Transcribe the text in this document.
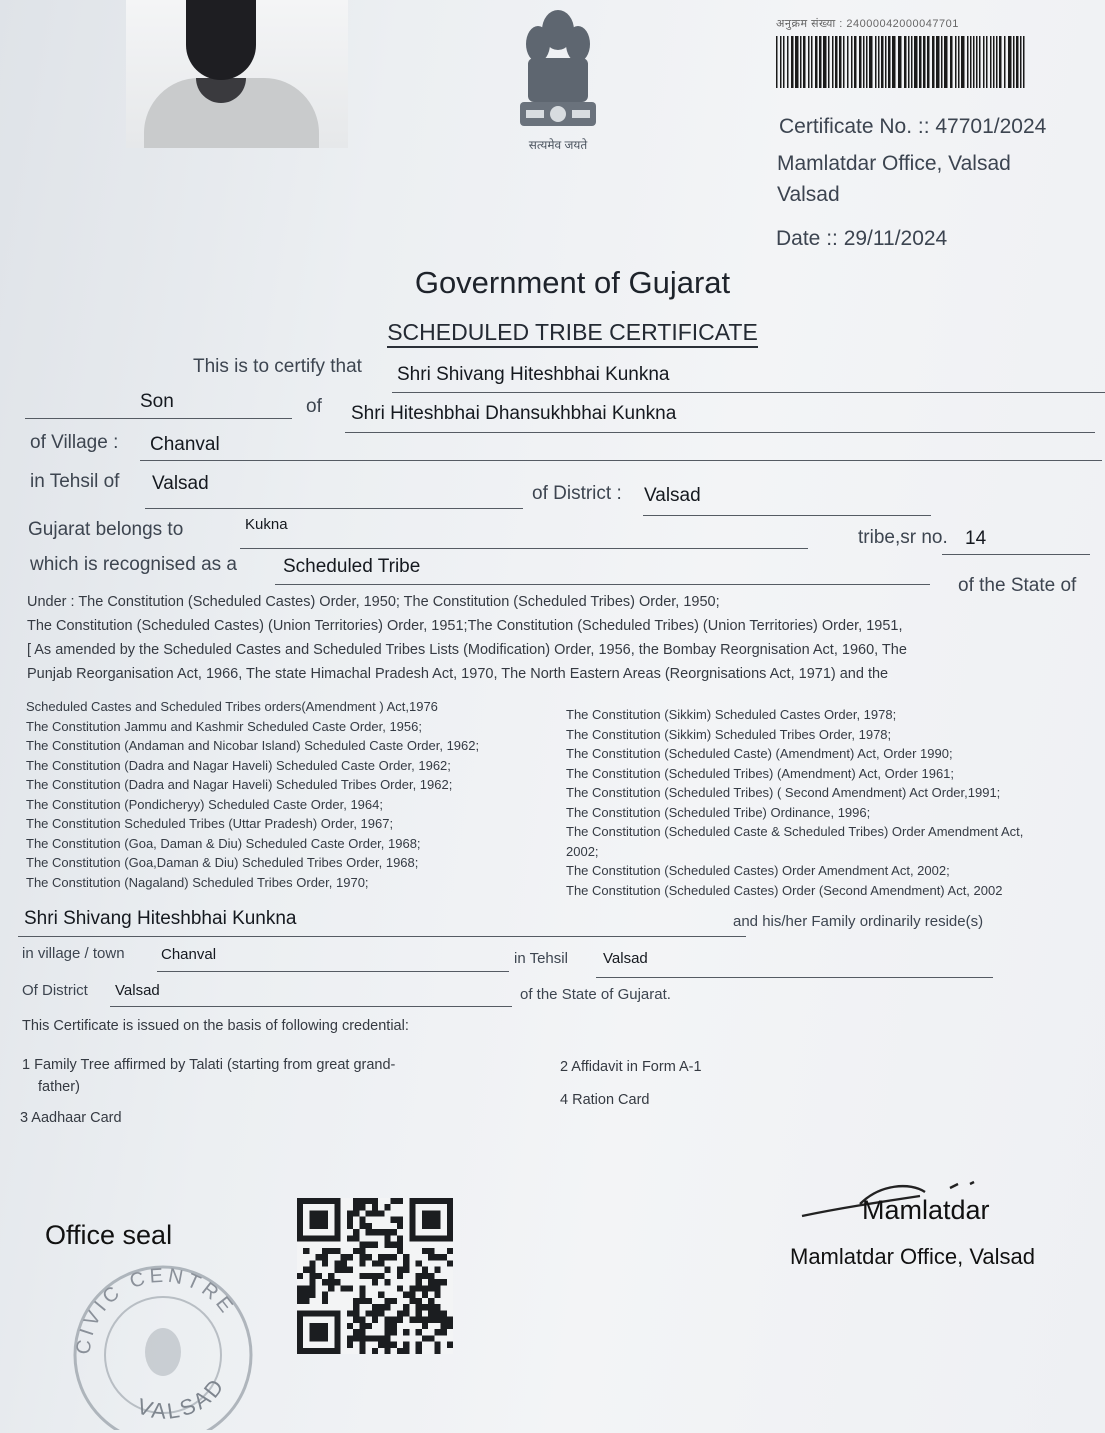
सत्यमेव जयते
अनुक्रम संख्या : 24000042000047701
Certificate No. :: 47701/2024
Mamlatdar Office, Valsad
Valsad
Date :: 29/11/2024
Government of Gujarat
SCHEDULED TRIBE CERTIFICATE
This is to certify that Shri Shivang Hiteshbhai Kunkna
Son	of Shri Hiteshbhai Dhansukhbhai Kunkna
of Village : Chanval
in Tehsil of Valsad	of District : Valsad
Gujarat belongs to	Kukna
tribe,sr no. 14
which is recognised as a Scheduled Tribe
of the State of
Under : The Constitution (Scheduled Castes) Order, 1950; The Constitution (Scheduled Tribes) Order, 1950;
The Constitution (Scheduled Castes) (Union Territories) Order, 1951;The Constitution (Scheduled Tribes) (Union Territories) Order, 1951,
[ As amended by the Scheduled Castes and Scheduled Tribes Lists (Modification) Order, 1956, the Bombay Reorgnisation Act, 1960, The
Punjab Reorganisation Act, 1966, The state Himachal Pradesh Act, 1970, The North Eastern Areas (Reorgnisations Act, 1971) and the
Scheduled Castes and Scheduled Tribes orders(Amendment ) Act,1976
The Constitution Jammu and Kashmir Scheduled Caste Order, 1956;
The Constitution (Andaman and Nicobar Island) Scheduled Caste Order, 1962;
The Constitution (Dadra and Nagar Haveli) Scheduled Caste Order, 1962;
The Constitution (Dadra and Nagar Haveli) Scheduled Tribes Order, 1962;
The Constitution (Pondicheryy) Scheduled Caste Order, 1964;
The Constitution Scheduled Tribes (Uttar Pradesh) Order, 1967;
The Constitution (Goa, Daman & Diu) Scheduled Caste Order, 1968;
The Constitution (Goa,Daman & Diu) Scheduled Tribes Order, 1968;
The Constitution (Nagaland) Scheduled Tribes Order, 1970;
The Constitution (Sikkim) Scheduled Castes Order, 1978;
The Constitution (Sikkim) Scheduled Tribes Order, 1978;
The Constitution (Scheduled Caste) (Amendment) Act, Order 1990;
The Constitution (Scheduled Tribes) (Amendment) Act, Order 1961;
The Constitution (Scheduled Tribes) ( Second Amendment) Act Order,1991;
The Constitution (Scheduled Tribe) Ordinance, 1996;
The Constitution (Scheduled Caste & Scheduled Tribes) Order Amendment Act,
2002;
The Constitution (Scheduled Castes) Order Amendment Act, 2002;
The Constitution (Scheduled Castes) Order (Second Amendment) Act, 2002
Shri Shivang Hiteshbhai Kunkna	and his/her Family ordinarily reside(s)
in village / town Chanval	in Tehsil Valsad
Of District Valsad	of the State of Gujarat.
This Certificate is issued on the basis of following credential:
1 Family Tree affirmed by Talati (starting from great grand-
father)
3 Aadhaar Card
2 Affidavit in Form A-1
4 Ration Card
Office seal
CIVIC CENTRE
VALSAD
Mamlatdar
Mamlatdar Office, Valsad
